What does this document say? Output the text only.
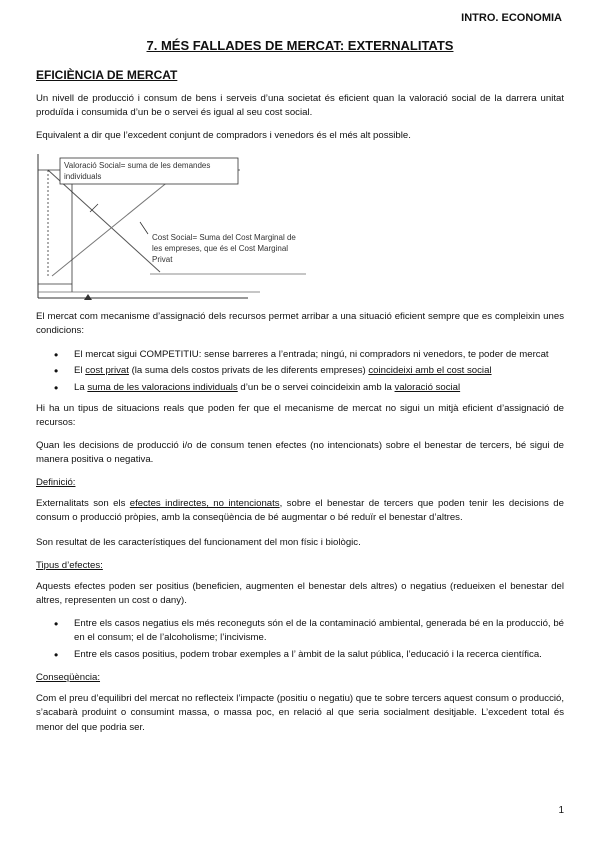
INTRO. ECONOMIA
7. MÉS FALLADES DE MERCAT: EXTERNALITATS
EFICIÈNCIA DE MERCAT
Un nivell de producció i consum de bens i serveis d’una societat és eficient quan la valoració social de la darrera unitat produïda i consumida d’un be o servei és igual al seu cost social.
Equivalent a dir que l’excedent conjunt de compradors i venedors és el més alt possible.
Valoració Social= suma de les demandes
individuals
Cost Social= Suma del Cost Marginal de
les empreses, que és el Cost Marginal
Privat
El mercat com mecanisme d’assignació dels recursos permet arribar a una situació eficient sempre que es compleixin unes condicions:
• El mercat sigui COMPETITIU: sense barreres a l’entrada; ningú, ni compradors ni venedors, te poder de mercat
• El cost privat (la suma dels costos privats de les diferents empreses) coincideixi amb el cost social
• La suma de les valoracions individuals d’un be o servei coincideixin amb la valoració social
Hi ha un tipus de situacions reals que poden fer que el mecanisme de mercat no sigui un mitjà eficient d’assignació de recursos:
Quan les decisions de producció i/o de consum tenen efectes (no intencionats) sobre el benestar de tercers, bé sigui de manera positiva o negativa.
Definició:
Externalitats son els efectes indirectes, no intencionats, sobre el benestar de tercers que poden tenir les decisions de consum o producció pròpies, amb la conseqüència de bé augmentar o bé reduïr el benestar d’altres.
Son resultat de les característiques del funcionament del mon físic i biològic.
Tipus d’efectes:
Aquests efectes poden ser positius (beneficien, augmenten el benestar dels altres) o negatius (redueixen el benestar del altres, representen un cost o dany).
• Entre els casos negatius els més reconeguts són el de la contaminació ambiental, generada bé en la producció, bé en el consum; el de l’alcoholisme; l’incivisme.
• Entre els casos positius, podem trobar exemples a l’ àmbit de la salut pública, l’educació i la recerca científica.
Conseqüència:
Com el preu d’equilibri del mercat no reflecteix l’impacte (positiu o negatiu) que te sobre tercers aquest consum o producció, s’acabarà produint o consumint massa, o massa poc, en relació al que seria socialment desitjable. L’excedent total és menor del que podria ser.
1
